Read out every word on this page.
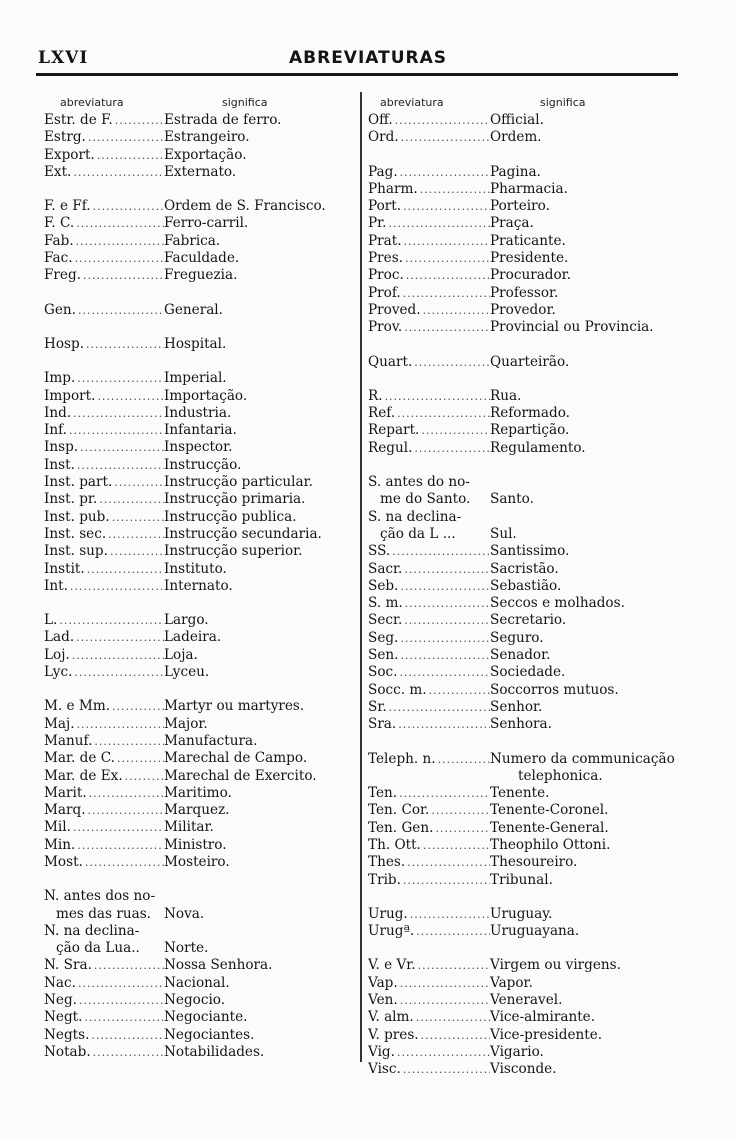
LXVI	ABREVIATURAS
abreviatura	significa	abreviatura	significa
Estr. de F. .....	Estrada de ferro.
Estrg. .....	Estrangeiro.
Export. .....	Exportação.
Ext. .....	Externato.
F. e Ff. .....	Ordem de S. Francisco.
F. C. .....	Ferro-carril.
Fab. .....	Fabrica.
Fac. .....	Faculdade.
Freg. .....	Freguezia.
Gen. .....	General.
Hosp. .....	Hospital.
Imp. .....	Imperial.
Import. .....	Importação.
Ind. .....	Industria.
Inf. .....	Infantaria.
Insp. .....	Inspector.
Inst. .....	Instrucção.
Inst. part. .....	Instrucção particular.
Inst. pr. .....	Instrucção primaria.
Inst. pub. .....	Instrucção publica.
Inst. sec. .....	Instrucção secundaria.
Inst. sup. .....	Instrucção superior.
Instit. .....	Instituto.
Int. .....	Internato.
L. .....	Largo.
Lad. .....	Ladeira.
Loj. .....	Loja.
Lyc. .....	Lyceu.
M. e Mm. .....	Martyr ou martyres.
Maj. .....	Major.
Manuf. .....	Manufactura.
Mar. de C. .....	Marechal de Campo.
Mar. de Ex. .....	Marechal de Exercito.
Marit. .....	Maritimo.
Marq. .....	Marquez.
Mil. .....	Militar.
Min. .....	Ministro.
Most. .....	Mosteiro.
N. antes dos no-
mes das ruas. Nova.
N. na declina-
ção da Lua..	Norte.
N. Sra. .....	Nossa Senhora.
Nac. .....	Nacional.
Neg. .....	Negocio.
Negt. .....	Negociante.
Negts. .....	Negociantes.
Notab. .....	Notabilidades.
Off. .....	Official.
Ord. .....	Ordem.
Pag. .....	Pagina.
Pharm. .....	Pharmacia.
Port. .....	Porteiro.
Pr. .....	Praça.
Prat. .....	Praticante.
Pres. .....	Presidente.
Proc. .....	Procurador.
Prof. .....	Professor.
Proved. .....	Provedor.
Prov. .....	Provincial ou Provincia.
Quart. .....	Quarteirão.
R. .....	Rua.
Ref. .....	Reformado.
Repart. .....	Repartição.
Regul. .....	Regulamento.
S. antes do no-
me do Santo.	Santo.
S. na declina-
ção da L ...	Sul.
SS. .....	Santissimo.
Sacr. .....	Sacristão.
Seb. .....	Sebastião.
S. m. .....	Seccos e molhados.
Secr. .....	Secretario.
Seg. .....	Seguro.
Sen. .....	Senador.
Soc. .....	Sociedade.
Socc. m. .....	Soccorros mutuos.
Sr. .....	Senhor.
Sra. .....	Senhora.
Teleph. n. .....	Numero da communicação
telephonica.
Ten. .....	Tenente.
Ten. Cor. .....	Tenente-Coronel.
Ten. Gen. .....	Tenente-General.
Th. Ott. .....	Theophilo Ottoni.
Thes. .....	Thesoureiro.
Trib. .....	Tribunal.
Urug. .....	Uruguay.
Urugª. .....	Uruguayana.
V. e Vr. .....	Virgem ou virgens.
Vap. .....	Vapor.
Ven. .....	Veneravel.
V. alm. .....	Vice-almirante.
V. pres. .....	Vice-presidente.
Vig. .....	Vigario.
Visc. .....	Visconde.
